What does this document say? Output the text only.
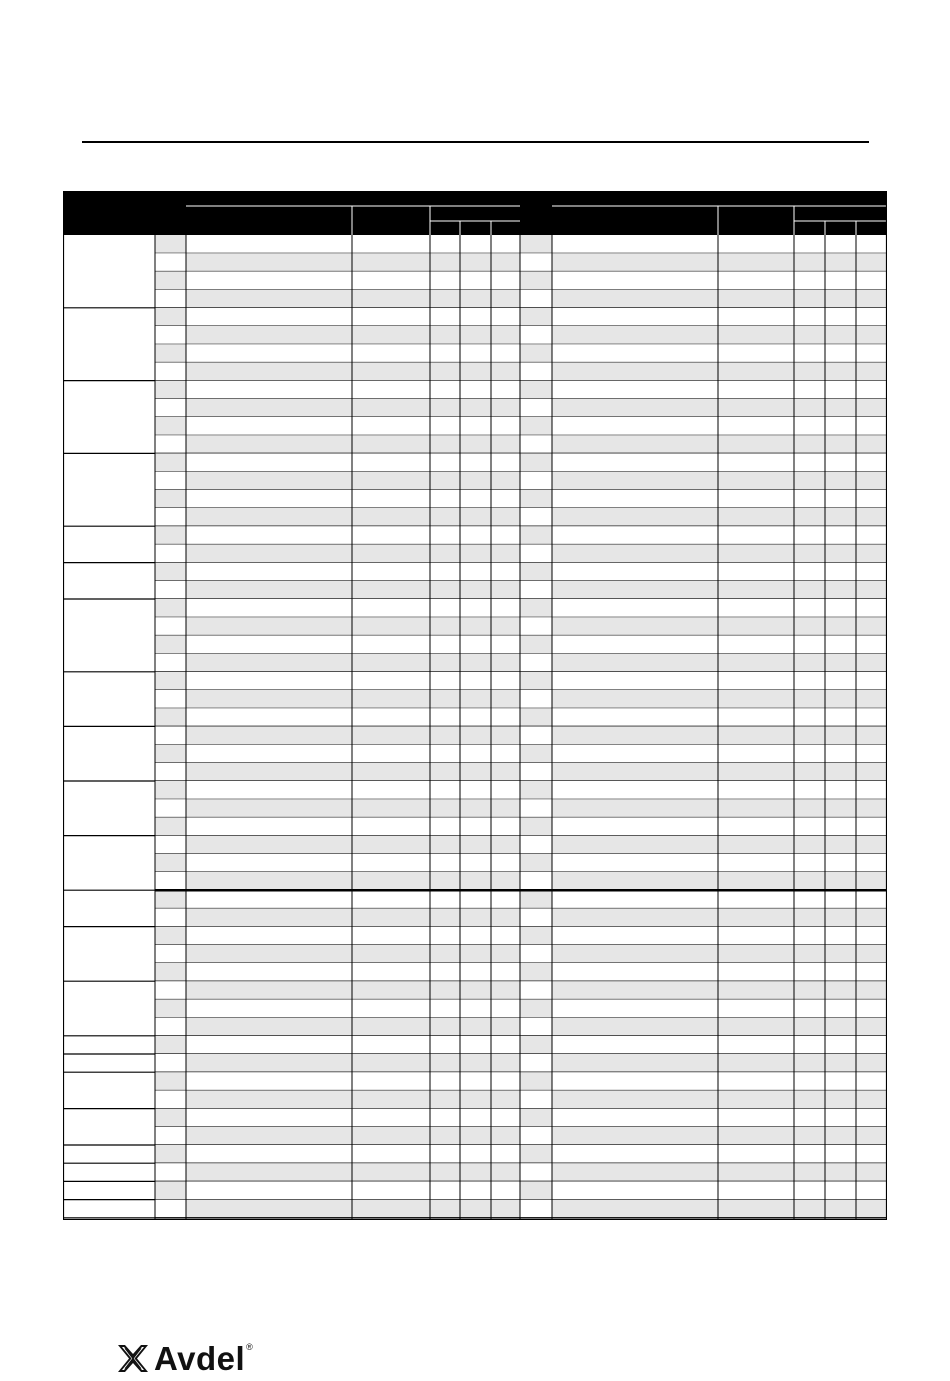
Avdel ®
